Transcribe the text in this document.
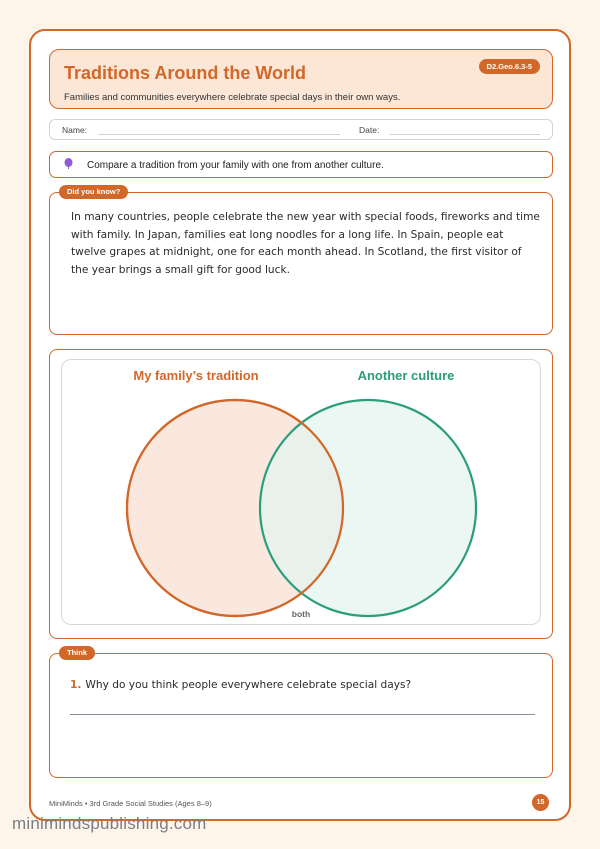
Traditions Around the World
Families and communities everywhere celebrate special days in their own ways.
D2.Geo.6.3-5
Name:	Date:
Compare a tradition from your family with one from another culture.
Did you know?
In many countries, people celebrate the new year with special foods, fireworks and time with family. In Japan, families eat long noodles for a long life. In Spain, people eat twelve grapes at midnight, one for each month ahead. In Scotland, the first visitor of the year brings a small gift for good luck.
My family’s tradition	Another culture
both
Think
1. Why do you think people everywhere celebrate special days?
MiniMinds • 3rd Grade Social Studies (Ages 8–9)	15
minimindspublishing.com
